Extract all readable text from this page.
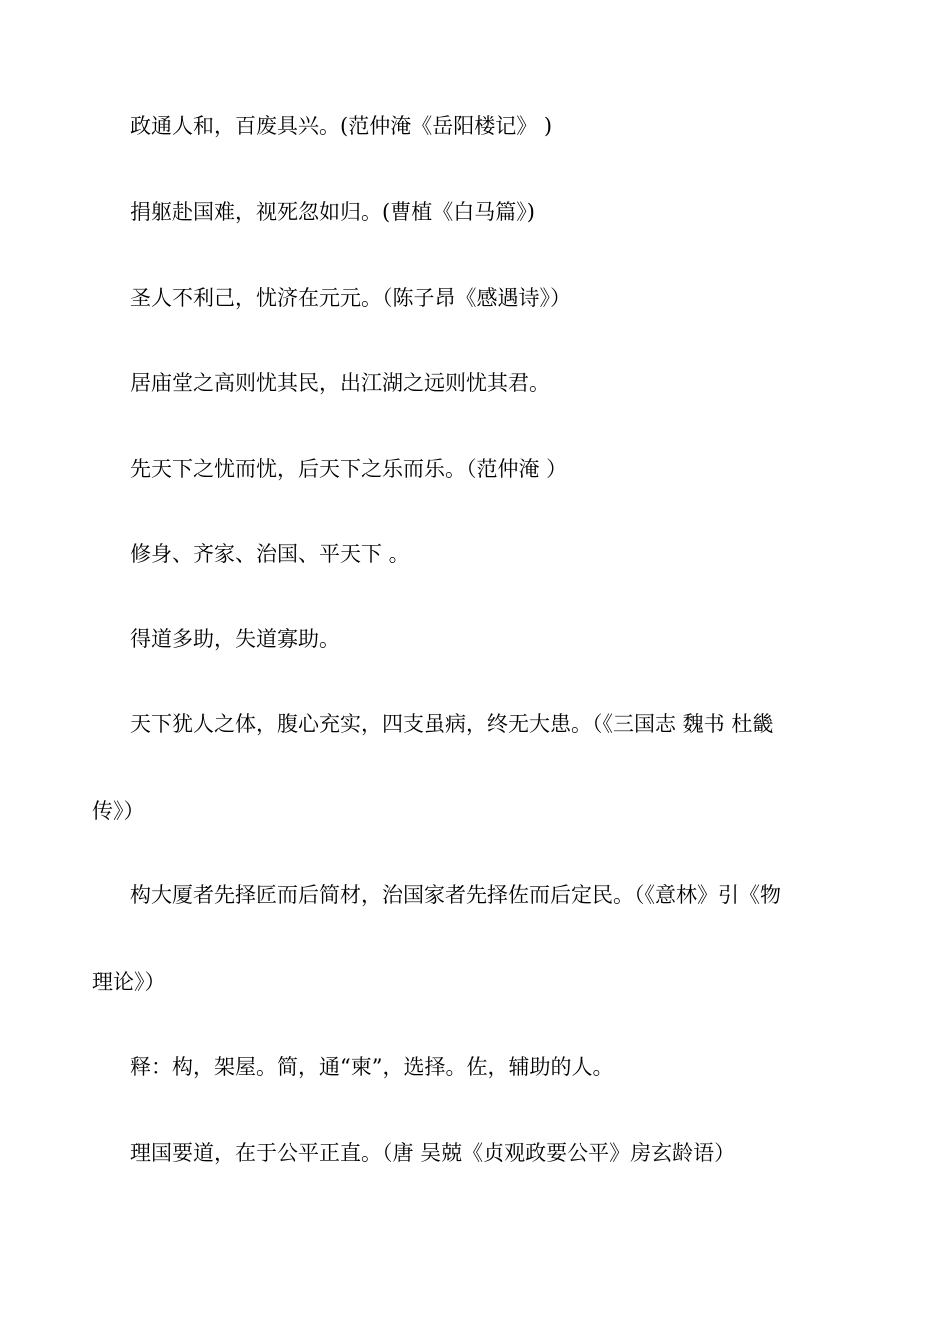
政通人和，百废具兴。(范仲淹《岳阳楼记》 )
捐躯赴国难，视死忽如归。(曹植《白马篇》)
圣人不利己，忧济在元元。（陈子昂《感遇诗》）
居庙堂之高则忧其民，出江湖之远则忧其君。
先天下之忧而忧，后天下之乐而乐。（范仲淹 ）
修身、齐家、治国、平天下 。
得道多助，失道寡助。
天下犹人之体，腹心充实，四支虽病，终无大患。（《三国志 魏书 杜畿
传》）
构大厦者先择匠而后简材，治国家者先择佐而后定民。（《意林》引《物
理论》）
释：构，架屋。简，通“柬”，选择。佐，辅助的人。
理国要道，在于公平正直。（唐 吴兢《贞观政要公平》房玄龄语）
